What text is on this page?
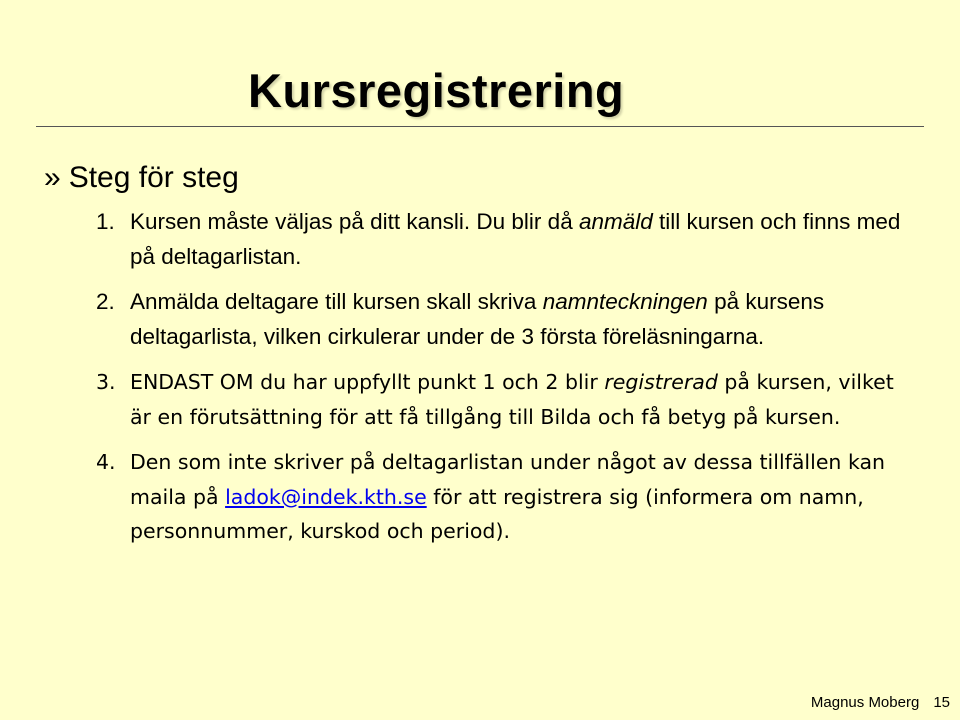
Kursregistrering
» Steg för steg
1. Kursen måste väljas på ditt kansli. Du blir då anmäld till kursen och finns med på deltagarlistan.
2. Anmälda deltagare till kursen skall skriva namnteckningen på kursens deltagarlista, vilken cirkulerar under de 3 första föreläsningarna.
3. ENDAST OM du har uppfyllt punkt 1 och 2 blir registrerad på kursen, vilket är en förutsättning för att få tillgång till Bilda och få betyg på kursen.
4. Den som inte skriver på deltagarlistan under något av dessa tillfällen kan maila på ladok@indek.kth.se för att registrera sig (informera om namn, personnummer, kurskod och period).
Magnus Moberg 15
